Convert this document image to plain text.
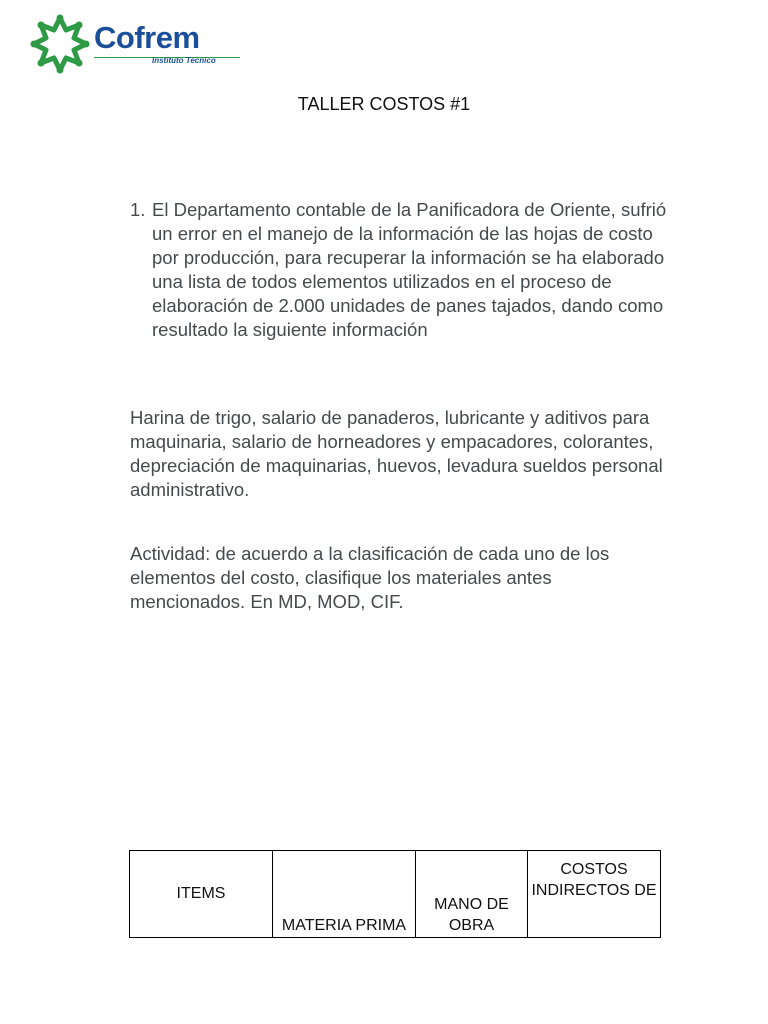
Cofrem
Instituto Tecnico
TALLER COSTOS #1
1. El Departamento contable de la Panificadora de Oriente, sufrió un error en el manejo de la información de las hojas de costo por producción, para recuperar la información se ha elaborado una lista de todos elementos utilizados en el proceso de elaboración de 2.000 unidades de panes tajados, dando como resultado la siguiente información
Harina de trigo, salario de panaderos, lubricante y aditivos para maquinaria, salario de horneadores y empacadores, colorantes, depreciación de maquinarias, huevos, levadura sueldos personal administrativo.
Actividad: de acuerdo a la clasificación de cada uno de los elementos del costo, clasifique los materiales antes mencionados. En MD, MOD, CIF.
ITEMS	MATERIA PRIMA	MANO DE OBRA	COSTOS INDIRECTOS DE
